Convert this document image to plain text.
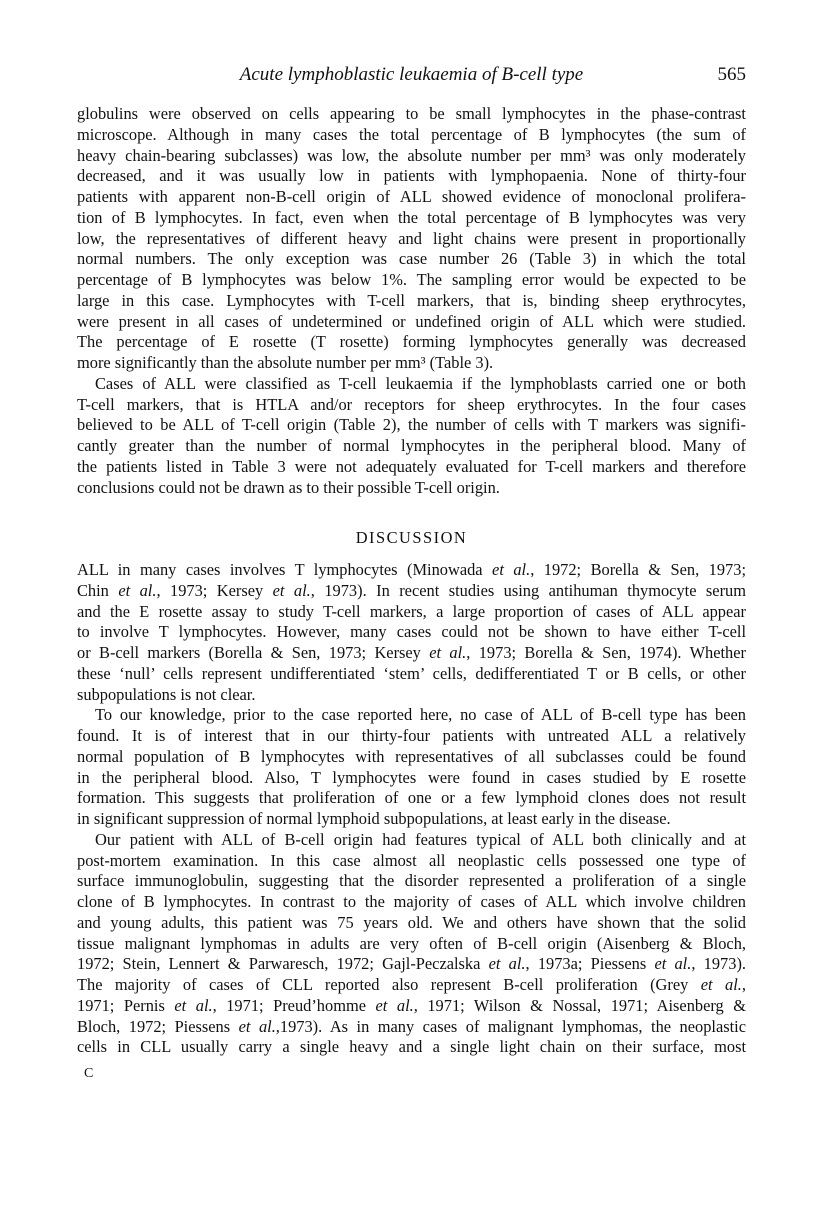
Acute lymphoblastic leukaemia of B-cell type	565
globulins were observed on cells appearing to be small lymphocytes in the phase-contrast
microscope. Although in many cases the total percentage of B lymphocytes (the sum of
heavy chain-bearing subclasses) was low, the absolute number per mm³ was only moderately
decreased, and it was usually low in patients with lymphopaenia. None of thirty-four
patients with apparent non-B-cell origin of ALL showed evidence of monoclonal prolifera-
tion of B lymphocytes. In fact, even when the total percentage of B lymphocytes was very
low, the representatives of different heavy and light chains were present in proportionally
normal numbers. The only exception was case number 26 (Table 3) in which the total
percentage of B lymphocytes was below 1%. The sampling error would be expected to be
large in this case. Lymphocytes with T-cell markers, that is, binding sheep erythrocytes,
were present in all cases of undetermined or undefined origin of ALL which were studied.
The percentage of E rosette (T rosette) forming lymphocytes generally was decreased
more significantly than the absolute number per mm³ (Table 3).
Cases of ALL were classified as T-cell leukaemia if the lymphoblasts carried one or both
T-cell markers, that is HTLA and/or receptors for sheep erythrocytes. In the four cases
believed to be ALL of T-cell origin (Table 2), the number of cells with T markers was signifi-
cantly greater than the number of normal lymphocytes in the peripheral blood. Many of
the patients listed in Table 3 were not adequately evaluated for T-cell markers and therefore
conclusions could not be drawn as to their possible T-cell origin.
DISCUSSION
ALL in many cases involves T lymphocytes (Minowada et al., 1972; Borella & Sen, 1973;
Chin et al., 1973; Kersey et al., 1973). In recent studies using antihuman thymocyte serum
and the E rosette assay to study T-cell markers, a large proportion of cases of ALL appear
to involve T lymphocytes. However, many cases could not be shown to have either T-cell
or B-cell markers (Borella & Sen, 1973; Kersey et al., 1973; Borella & Sen, 1974). Whether
these ‘null’ cells represent undifferentiated ‘stem’ cells, dedifferentiated T or B cells, or other
subpopulations is not clear.
To our knowledge, prior to the case reported here, no case of ALL of B-cell type has been
found. It is of interest that in our thirty-four patients with untreated ALL a relatively
normal population of B lymphocytes with representatives of all subclasses could be found
in the peripheral blood. Also, T lymphocytes were found in cases studied by E rosette
formation. This suggests that proliferation of one or a few lymphoid clones does not result
in significant suppression of normal lymphoid subpopulations, at least early in the disease.
Our patient with ALL of B-cell origin had features typical of ALL both clinically and at
post-mortem examination. In this case almost all neoplastic cells possessed one type of
surface immunoglobulin, suggesting that the disorder represented a proliferation of a single
clone of B lymphocytes. In contrast to the majority of cases of ALL which involve children
and young adults, this patient was 75 years old. We and others have shown that the solid
tissue malignant lymphomas in adults are very often of B-cell origin (Aisenberg & Bloch,
1972; Stein, Lennert & Parwaresch, 1972; Gajl-Peczalska et al., 1973a; Piessens et al., 1973).
The majority of cases of CLL reported also represent B-cell proliferation (Grey et al.,
1971; Pernis et al., 1971; Preud’homme et al., 1971; Wilson & Nossal, 1971; Aisenberg &
Bloch, 1972; Piessens et al.,1973). As in many cases of malignant lymphomas, the neoplastic
cells in CLL usually carry a single heavy and a single light chain on their surface, most
C
